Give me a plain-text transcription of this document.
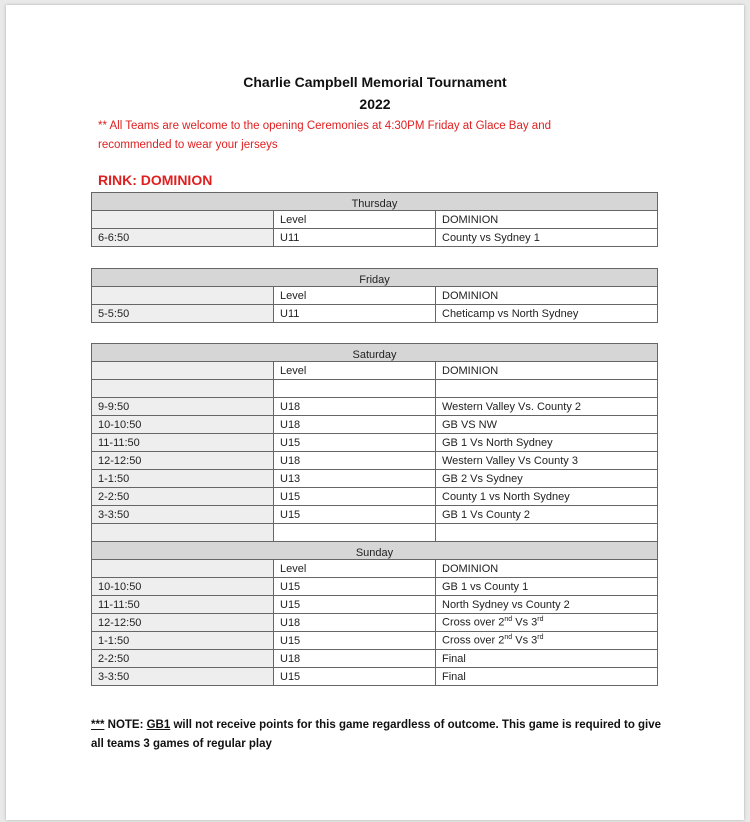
Charlie Campbell Memorial Tournament
2022
** All Teams are welcome to the opening Ceremonies at 4:30PM Friday at Glace Bay and recommended to wear your jerseys
RINK: DOMINION
Thursday		
	Level	DOMINION
6-6:50	U11	County vs Sydney 1
Friday		
	Level	DOMINION
5-5:50	U11	Cheticamp vs North Sydney
Saturday		
	Level	DOMINION

9-9:50	U18	Western Valley Vs. County 2
10-10:50	U18	GB VS NW
11-11:50	U15	GB 1 Vs North Sydney
12-12:50	U18	Western Valley Vs County 3
1-1:50	U13	GB 2 Vs Sydney
2-2:50	U15	County 1 vs North Sydney
3-3:50	U15	GB 1 Vs County 2

Sunday		
	Level	DOMINION
10-10:50	U15	GB 1 vs County 1
11-11:50	U15	North Sydney vs County 2
12-12:50	U18	Cross over 2nd Vs 3rd
1-1:50	U15	Cross over 2nd Vs 3rd
2-2:50	U18	Final
3-3:50	U15	Final
*** NOTE: GB1 will not receive points for this game regardless of outcome. This game is required to give all teams 3 games of regular play
